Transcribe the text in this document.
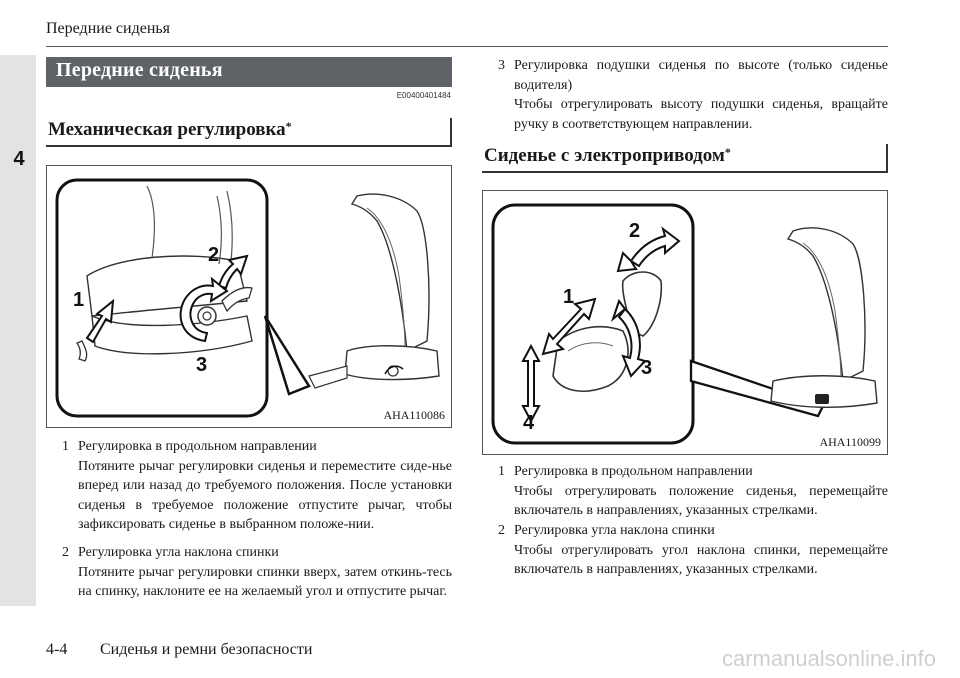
4
Передние сиденья
Передние сиденья
E00400401484
Механическая регулировка*
1
2
3
AHA110086
1 Регулировка в продольном направлении
Потяните рычаг регулировки сиденья и переместите сиде-нье вперед или назад до требуемого положения. После установки сиденья в требуемое положение отпустите рычаг, чтобы зафиксировать сиденье в выбранном положе-нии.
2 Регулировка угла наклона спинки
Потяните рычаг регулировки спинки вверх, затем откинь-тесь на спинку, наклоните ее на желаемый угол и отпустите рычаг.
3 Регулировка подушки сиденья по высоте (только сиденье водителя)
Чтобы отрегулировать высоту подушки сиденья, вращайте ручку в соответствующем направлении.
Сиденье с электроприводом*
1
2
3
4
AHA110099
1 Регулировка в продольном направлении
Чтобы отрегулировать положение сиденья, перемещайте включатель в направлениях, указанных стрелками.
2 Регулировка угла наклона спинки
Чтобы отрегулировать угол наклона спинки, перемещайте включатель в направлениях, указанных стрелками.
4-4 Сиденья и ремни безопасности	carmanualsonline.info
